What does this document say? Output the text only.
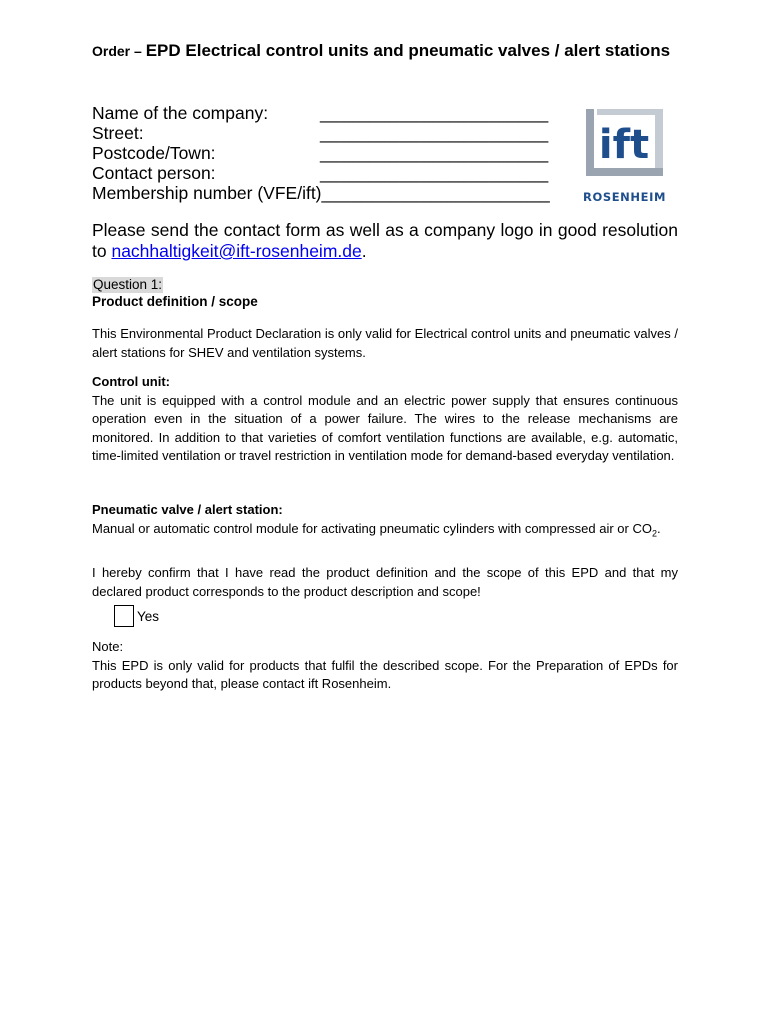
Order – EPD Electrical control units and pneumatic valves / alert stations
Name of the company:	_______________________
Street:	_______________________
Postcode/Town:	_______________________
Contact person:	_______________________
Membership number (VFE/ift) _______________________
ift
ROSENHEIM
Please send the contact form as well as a company logo in good resolution to nachhaltigkeit@ift-rosenheim.de.
Question 1:
Product definition / scope
This Environmental Product Declaration is only valid for Electrical control units and pneumatic valves / alert stations for SHEV and ventilation systems.
Control unit:
The unit is equipped with a control module and an electric power supply that ensures continuous operation even in the situation of a power failure. The wires to the release mechanisms are monitored. In addition to that varieties of comfort ventilation functions are available, e.g. automatic, time-limited ventilation or travel restriction in ventilation mode for demand-based everyday ventilation.
Pneumatic valve / alert station:
Manual or automatic control module for activating pneumatic cylinders with compressed air or $CO_2$.
I hereby confirm that I have read the product definition and the scope of this EPD and that my declared product corresponds to the product description and scope!
Yes
Note:
This EPD is only valid for products that fulfil the described scope. For the Preparation of EPDs for products beyond that, please contact ift Rosenheim.
